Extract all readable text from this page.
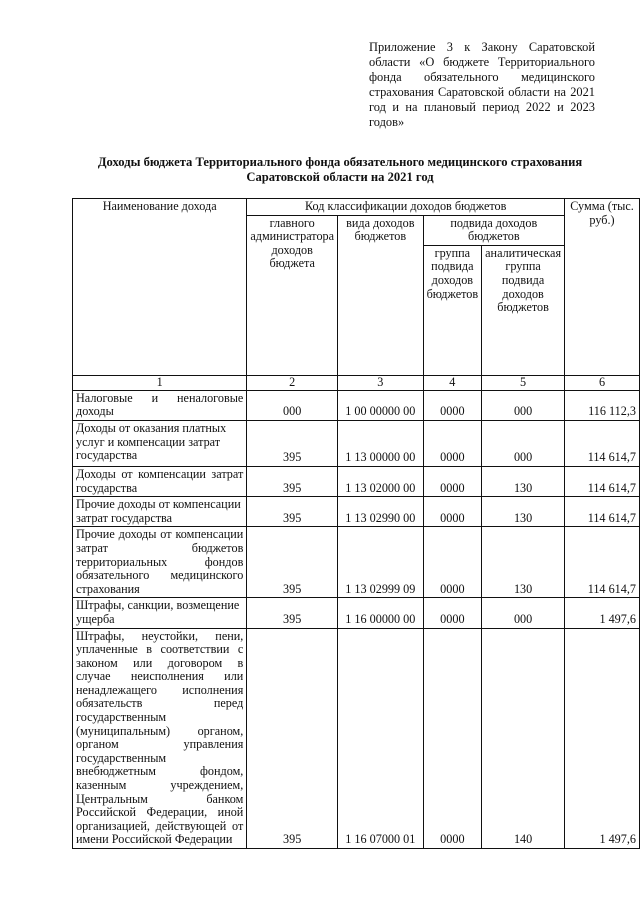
Приложение 3 к Закону Саратовской области «О бюджете Территориального фонда обязательного медицинского страхования Саратовской области на 2021 год и на плановый период 2022 и 2023 годов»
Доходы бюджета Территориального фонда обязательного медицинского страхования
Саратовской области на 2021 год
Наименование дохода	Код классификации доходов бюджетов				Сумма (тыс. руб.)
	главного администратора доходов бюджета	вида доходов бюджетов	подвида доходов бюджетов		
			группа подвида доходов бюджетов	аналитическая группа подвида доходов бюджетов	
1	2	3	4	5	6
Налоговые и неналоговые доходы	000	1 00 00000 00	0000	000	116 112,3
Доходы от оказания платных услуг и компенсации затрат государства	395	1 13 00000 00	0000	000	114 614,7
Доходы от компенсации затрат государства	395	1 13 02000 00	0000	130	114 614,7
Прочие доходы от компенсации затрат государства	395	1 13 02990 00	0000	130	114 614,7
Прочие доходы от компенсации затрат бюджетов территориальных фондов обязательного медицинского страхования	395	1 13 02999 09	0000	130	114 614,7
Штрафы, санкции, возмещение ущерба	395	1 16 00000 00	0000	000	1 497,6
Штрафы, неустойки, пени, уплаченные в соответствии с законом или договором в случае неисполнения или ненадлежащего исполнения обязательств перед государственным (муниципальным) органом, органом управления государственным внебюджетным фондом, казенным учреждением, Центральным банком Российской Федерации, иной организацией, действующей от имени Российской Федерации	395	1 16 07000 01	0000	140	1 497,6
